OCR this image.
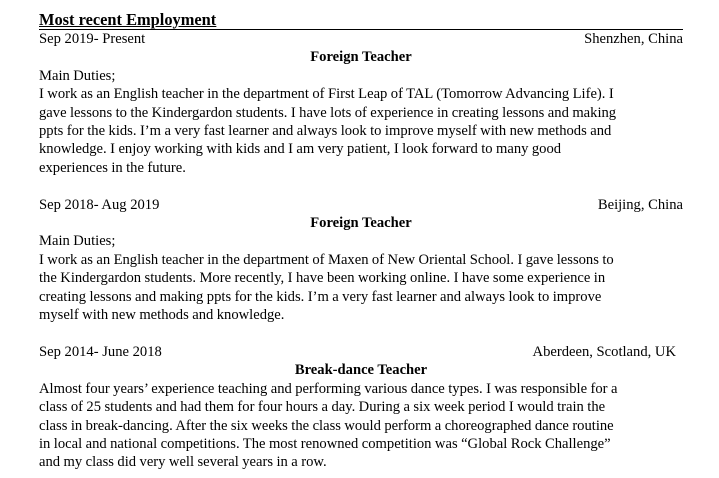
Most recent Employment
Sep 2019- Present	Shenzhen, China
Foreign Teacher
Main Duties;
I work as an English teacher in the department of First Leap of TAL (Tomorrow Advancing Life). I
gave lessons to the Kindergardon students. I have lots of experience in creating lessons and making
ppts for the kids. I’m a very fast learner and always look to improve myself with new methods and
knowledge. I enjoy working with kids and I am very patient, I look forward to many good
experiences in the future.
Sep 2018- Aug 2019	Beijing, China
Foreign Teacher
Main Duties;
I work as an English teacher in the department of Maxen of New Oriental School. I gave lessons to
the Kindergardon students. More recently, I have been working online. I have some experience in
creating lessons and making ppts for the kids. I’m a very fast learner and always look to improve
myself with new methods and knowledge.
Sep 2014- June 2018	Aberdeen, Scotland, UK
Break-dance Teacher
Almost four years’ experience teaching and performing various dance types. I was responsible for a
class of 25 students and had them for four hours a day. During a six week period I would train the
class in break-dancing. After the six weeks the class would perform a choreographed dance routine
in local and national competitions. The most renowned competition was “Global Rock Challenge”
and my class did very well several years in a row.
